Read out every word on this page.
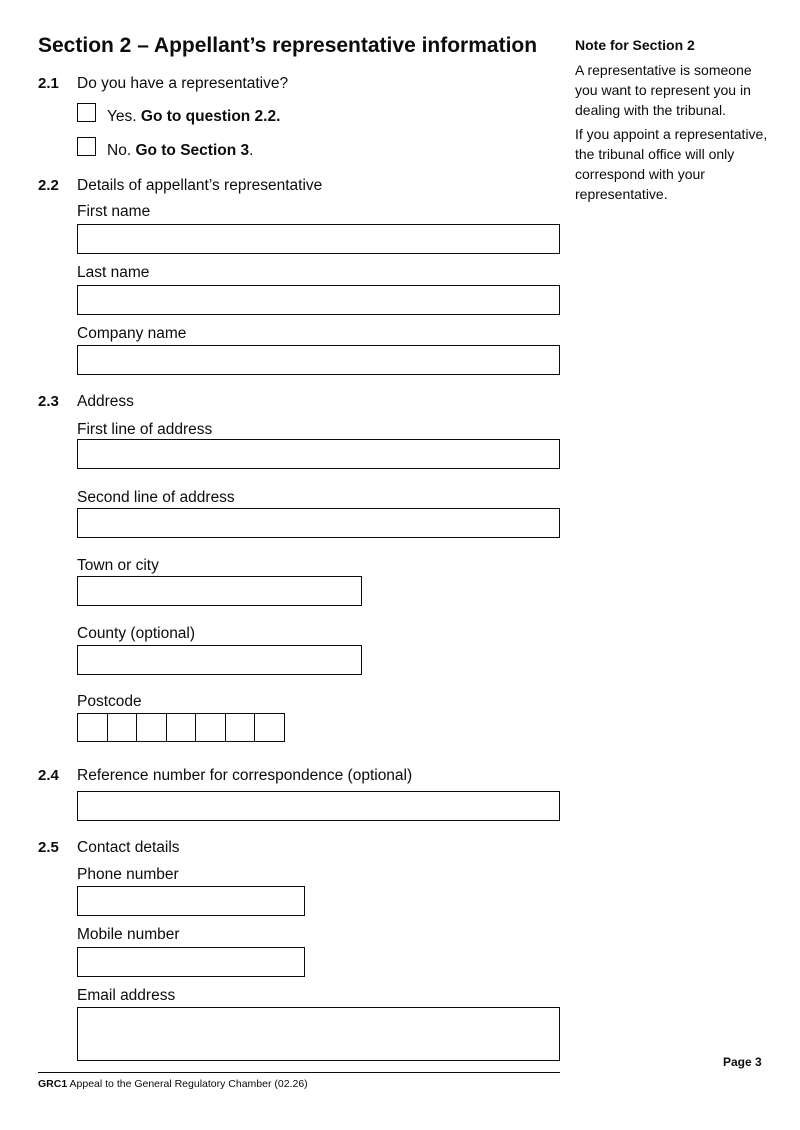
Section 2 – Appellant’s representative information
2.1 Do you have a representative?
Yes. Go to question 2.2.
No. Go to Section 3.
2.2 Details of appellant’s representative
First name
Last name
Company name
2.3 Address
First line of address
Second line of address
Town or city
County (optional)
Postcode
2.4 Reference number for correspondence (optional)
2.5 Contact details
Phone number
Mobile number
Email address
Note for Section 2
A representative is someone you want to represent you in dealing with the tribunal.
If you appoint a representative, the tribunal office will only correspond with your representative.
GRC1 Appeal to the General Regulatory Chamber (02.26)
Page 3
